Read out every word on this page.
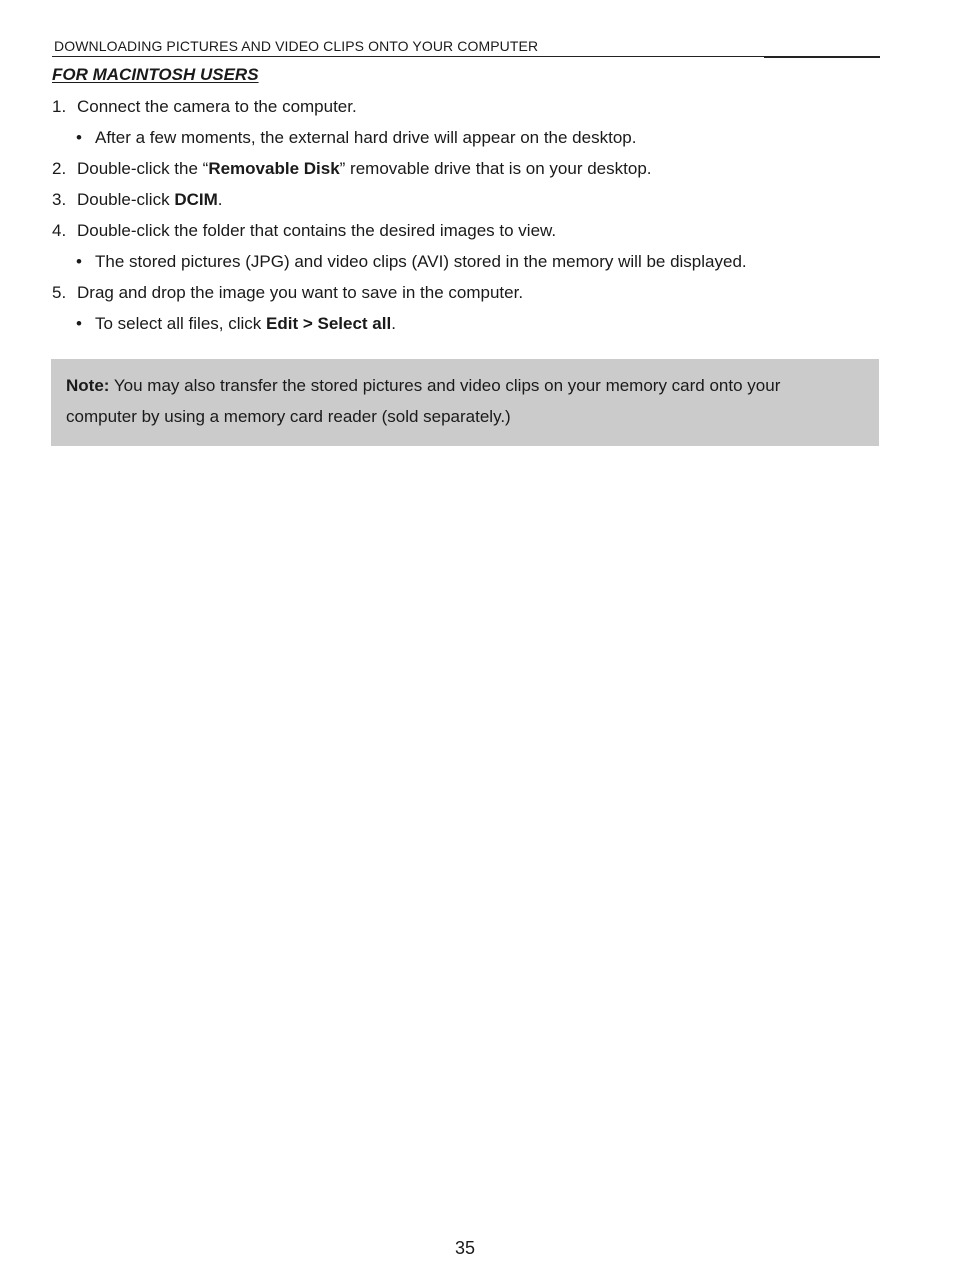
DOWNLOADING PICTURES AND VIDEO CLIPS ONTO YOUR COMPUTER
FOR MACINTOSH USERS
1. Connect the camera to the computer.
• After a few moments, the external hard drive will appear on the desktop.
2. Double-click the “Removable Disk” removable drive that is on your desktop.
3. Double-click DCIM.
4. Double-click the folder that contains the desired images to view.
• The stored pictures (JPG) and video clips (AVI) stored in the memory will be displayed.
5. Drag and drop the image you want to save in the computer.
• To select all files, click Edit > Select all.
Note: You may also transfer the stored pictures and video clips on your memory card onto your
computer by using a memory card reader (sold separately.)
35
